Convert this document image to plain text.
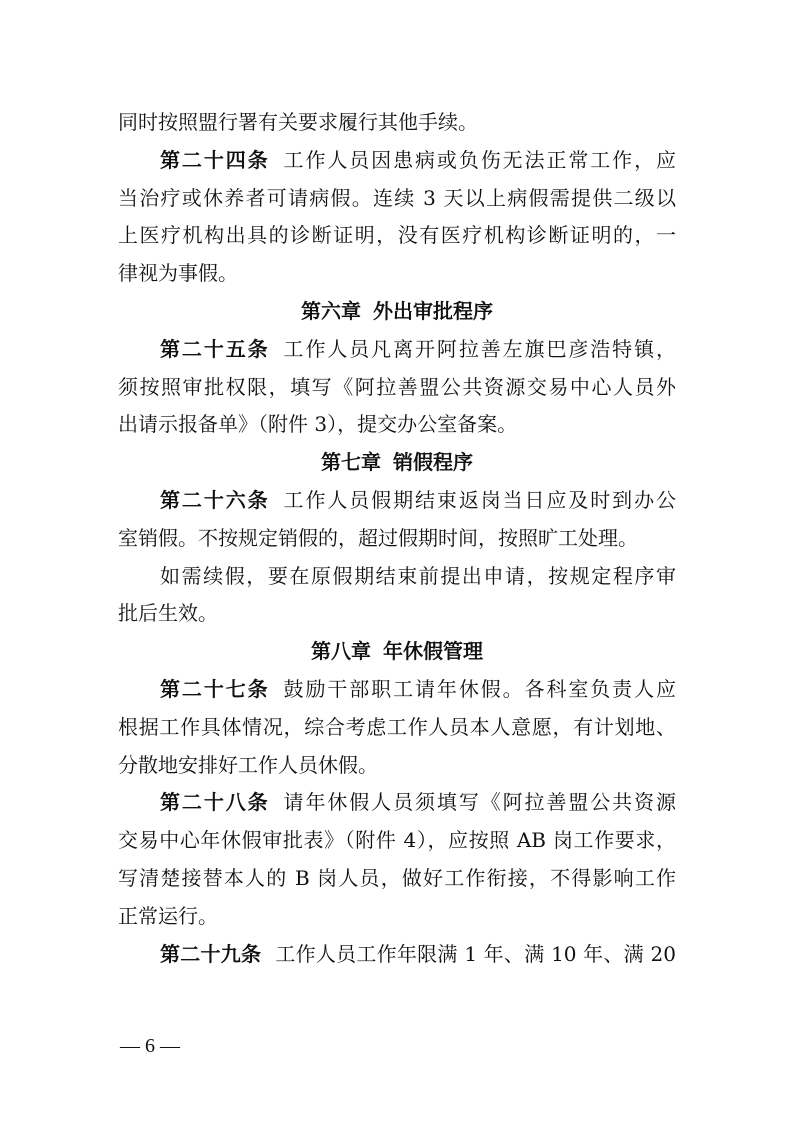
同时按照盟行署有关要求履行其他手续。
第二十四条 工作人员因患病或负伤无法正常工作，应
当治疗或休养者可请病假。连续 3 天以上病假需提供二级以
上医疗机构出具的诊断证明，没有医疗机构诊断证明的，一
律视为事假。
第六章 外出审批程序
第二十五条 工作人员凡离开阿拉善左旗巴彦浩特镇，
须按照审批权限，填写《阿拉善盟公共资源交易中心人员外
出请示报备单》（附件 3），提交办公室备案。
第七章 销假程序
第二十六条 工作人员假期结束返岗当日应及时到办公
室销假。不按规定销假的，超过假期时间，按照旷工处理。
如需续假，要在原假期结束前提出申请，按规定程序审
批后生效。
第八章 年休假管理
第二十七条 鼓励干部职工请年休假。各科室负责人应
根据工作具体情况，综合考虑工作人员本人意愿，有计划地、
分散地安排好工作人员休假。
第二十八条 请年休假人员须填写《阿拉善盟公共资源
交易中心年休假审批表》（附件 4），应按照 AB 岗工作要求，
写清楚接替本人的 B 岗人员，做好工作衔接，不得影响工作
正常运行。
第二十九条 工作人员工作年限满 1 年、满 10 年、满 20
— 6 —
